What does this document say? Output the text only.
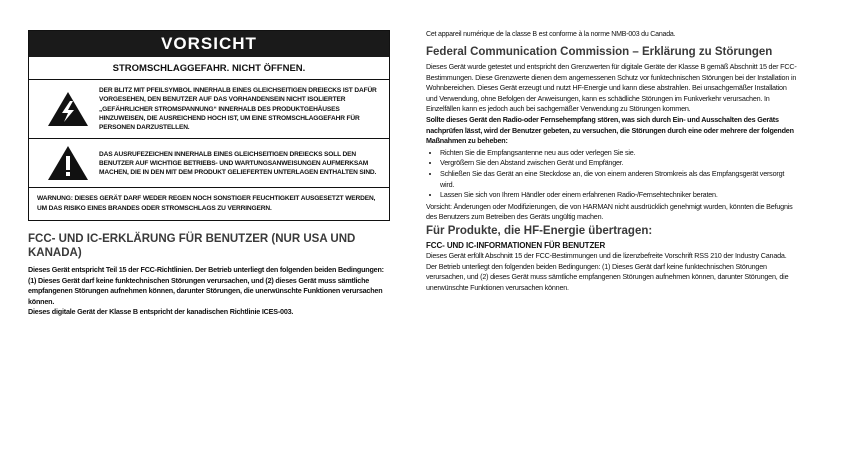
VORSICHT
STROMSCHLAGGEFAHR. NICHT ÖFFNEN.
DER BLITZ MIT PFEILSYMBOL INNERHALB EINES GLEICHSEITIGEN DREIECKS IST DAFÜR VORGESEHEN, DEN BENUTZER AUF DAS VORHANDENSEIN NICHT ISOLIERTER „GEFÄHRLICHER STROMSPANNUNG“ INNERHALB DES PRODUKTGEHÄUSES HINZUWEISEN, DIE AUSREICHEND HOCH IST, UM EINE STROMSCHLAGGEFAHR FÜR PERSONEN DARZUSTELLEN.
DAS AUSRUFEZEICHEN INNERHALB EINES GLEICHSEITIGEN DREIECKS SOLL DEN BENUTZER AUF WICHTIGE BETRIEBS- UND WARTUNGSANWEISUNGEN AUFMERKSAM MACHEN, DIE IN DEN MIT DEM PRODUKT GELIEFERTEN UNTERLAGEN ENTHALTEN SIND.
WARNUNG: DIESES GERÄT DARF WEDER REGEN NOCH SONSTIGER FEUCHTIGKEIT AUSGESETZT WERDEN, UM DAS RISIKO EINES BRANDES ODER STROMSCHLAGS ZU VERRINGERN.
FCC- UND IC-ERKLÄRUNG FÜR BENUTZER (NUR USA UND KANADA)

Dieses Gerät entspricht Teil 15 der FCC-Richtlinien. Der Betrieb unterliegt den folgenden beiden Bedingungen: (1) Dieses Gerät darf keine funktechnischen Störungen verursachen, und (2) dieses Gerät muss sämtliche empfangenen Störungen aufnehmen können, darunter Störungen, die unerwünschte Funktionen verursachen können.

Dieses digitale Gerät der Klasse B entspricht der kanadischen Richtlinie ICES-003.

Cet appareil numérique de la classe B est conforme à la norme NMB-003 du Canada.

Federal Communication Commission – Erklärung zu Störungen

Dieses Gerät wurde getestet und entspricht den Grenzwerten für digitale Geräte der Klasse B gemäß Abschnitt 15 der FCC-Bestimmungen. Diese Grenzwerte dienen dem angemessenen Schutz vor funktechnischen Störungen bei der Installation in Wohnbereichen. Dieses Gerät erzeugt und nutzt HF-Energie und kann diese abstrahlen. Bei unsachgemäßer Installation und Verwendung, ohne Befolgen der Anweisungen, kann es schädliche Störungen im Funkverkehr verursachen. In Einzelfällen kann es jedoch auch bei sachgemäßer Verwendung zu Störungen kommen.

Sollte dieses Gerät den Radio-oder Fernsehempfang stören, was sich durch Ein- und Ausschalten des Geräts nachprüfen lässt, wird der Benutzer gebeten, zu versuchen, die Störungen durch eine oder mehrere der folgenden Maßnahmen zu beheben:

• Richten Sie die Empfangsantenne neu aus oder verlegen Sie sie.
• Vergrößern Sie den Abstand zwischen Gerät und Empfänger.
• Schließen Sie das Gerät an eine Steckdose an, die von einem anderen Stromkreis als das Empfangsgerät versorgt wird.
• Lassen Sie sich von Ihrem Händler oder einem erfahrenen Radio-/Fernsehtechniker beraten.

Vorsicht: Änderungen oder Modifizierungen, die von HARMAN nicht ausdrücklich genehmigt wurden, könnten die Befugnis des Benutzers zum Betreiben des Geräts ungültig machen.

Für Produkte, die HF-Energie übertragen:
FCC- UND IC-INFORMATIONEN FÜR BENUTZER

Dieses Gerät erfüllt Abschnitt 15 der FCC-Bestimmungen und die lizenzbefreite Vorschrift RSS 210 der Industry Canada. Der Betrieb unterliegt den folgenden beiden Bedingungen: (1) Dieses Gerät darf keine funktechnischen Störungen verursachen, und (2) dieses Gerät muss sämtliche empfangenen Störungen aufnehmen können, darunter Störungen, die unerwünschte Funktionen verursachen können.
